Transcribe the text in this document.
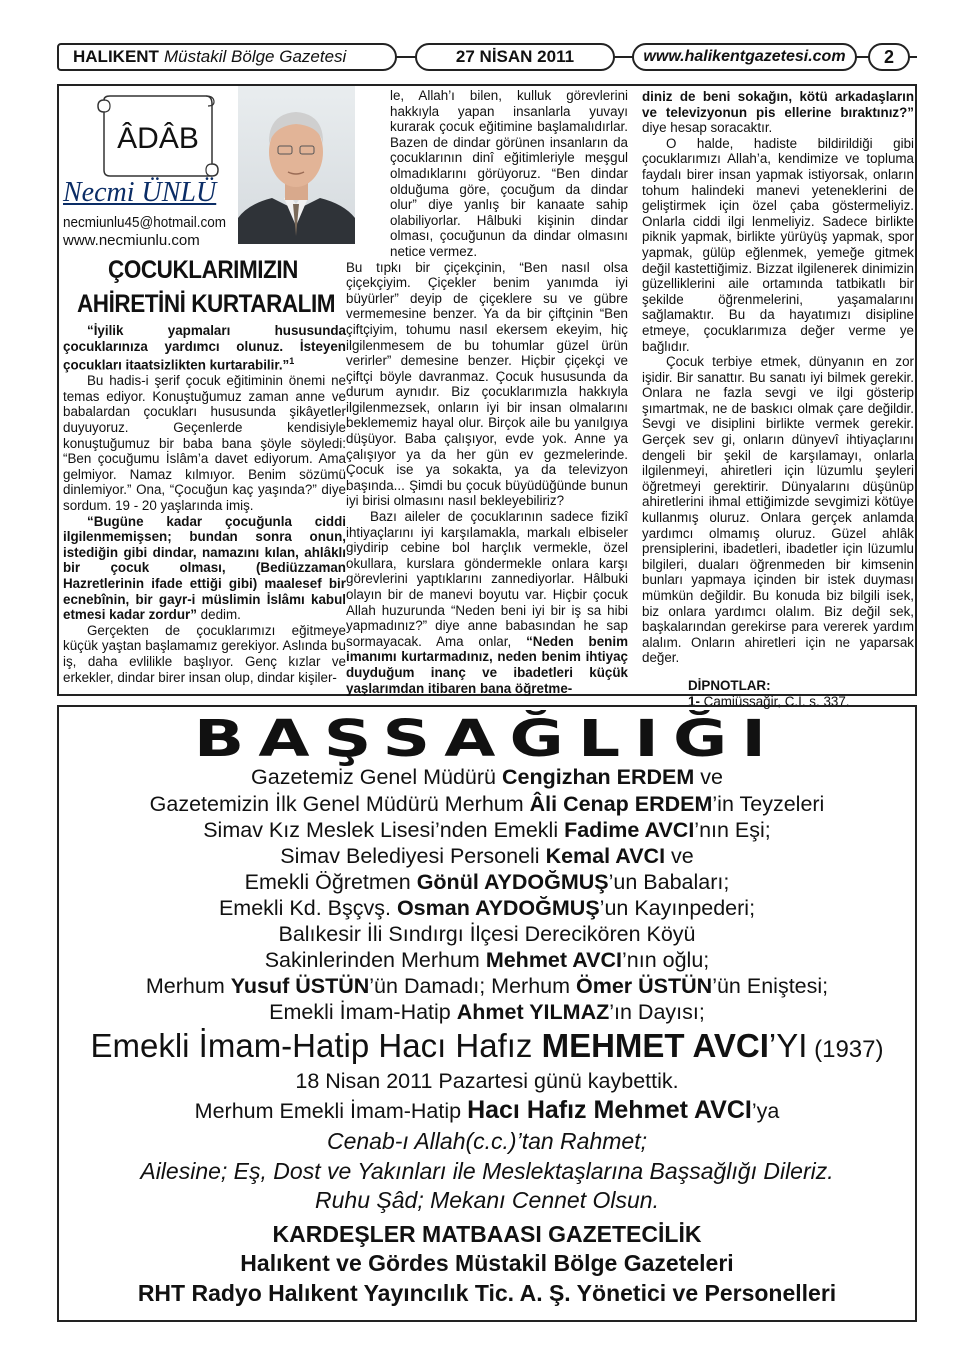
HALIKENT Müstakil Bölge Gazetesi	27 NİSAN 2011	www.halikentgazetesi.com	2
ÂDÂB
Necmi ÜNLÜ
necmiunlu45@hotmail.com
www.necmiunlu.com
ÇOCUKLARIMIZIN
AHİRETİNİ KURTARALIM

“İyilik yapmaları hususunda çocuklarınıza yardımcı olunuz. İsteyen çocukları itaatsizlikten kurtarabilir.”$^1$

Bu hadis-i şerif çocuk eğitiminin önemi ne temas ediyor. Konuştuğumuz zaman anne ve babalardan çocukları hususunda şikâyetler duyuyoruz. Geçenlerde kendisiyle konuştuğumuz bir baba bana şöyle söyledi: “Ben çocuğumu İslâm’a davet ediyorum. Ama gelmiyor. Namaz kılmıyor. Benim sözümü dinlemiyor.” Ona, “Çocuğun kaç yaşında?” diye sordum. 19 - 20 yaşlarında imiş.

“Bugüne kadar çocuğunla ciddi ilgilenmemişsen; bundan sonra onun, istediğin gibi dindar, namazını kılan, ahlâklı bir çocuk olması, (Bediüzzaman Hazretlerinin ifade ettiği gibi) maalesef bir ecnebînin, bir gayr-i müslimin İslâmı kabul etmesi kadar zordur” dedim.

Gerçekten de çocuklarımızı eğitmeye küçük yaştan başlamamız gerekiyor. Aslında bu iş, daha evlilikle başlıyor. Genç kızlar ve erkekler, dindar birer insan olup, dindar kişiler-

le, Allah’ı bilen, kulluk görevlerini hakkıyla yapan insanlarla yuvayı kurarak çocuk eğitimine başlamalıdırlar. Bazen de dindar görünen insanların da çocuklarının dinî eğitimleriyle meşgul olmadıklarını görüyoruz. “Ben dindar olduğuma göre, çocuğum da dindar olur” diye yanlış bir kanaate sahip olabiliyorlar. Hâlbuki kişinin dindar olması, çocuğunun da dindar olmasını netice vermez.

Bu tıpkı bir çiçekçinin, “Ben nasıl olsa çiçekçiyim. Çiçekler benim yanımda iyi büyürler” deyip de çiçeklere su ve gübre vermemesine benzer. Ya da bir çiftçinin “Ben çiftçiyim, tohumu nasıl ekersem ekeyim, hiç ilgilenmesem de bu tohumlar güzel ürün verirler” demesine benzer. Hiçbir çiçekçi ve çiftçi böyle davranmaz. Çocuk hususunda da durum aynıdır. Biz çocuklarımızla hakkıyla ilgilenmezsek, onların iyi bir insan olmalarını beklememiz hayal olur. Birçok aile bu yanılgıya düşüyor. Baba çalışıyor, evde yok. Anne ya çalışıyor ya da her gün ev gezmelerinde. Çocuk ise ya sokakta, ya da televizyon başında... Şimdi bu çocuk büyüdüğünde bunun iyi birisi olmasını nasıl bekleyebiliriz?

Bazı aileler de çocuklarının sadece fizikî ihtiyaçlarını iyi karşılamakla, markalı elbiseler giydirip cebine bol harçlık vermekle, özel okullara, kurslara göndermekle onlara karşı görevlerini yaptıklarını zannediyorlar. Hâlbuki olayın bir de manevi boyutu var. Hiçbir çocuk Allah huzurunda “Neden beni iyi bir iş sa hibi yapmadınız?” diye anne babasından he sap sormayacak. Ama onlar, “Neden benim imanımı kurtarmadınız, neden benim ihtiyaç duyduğum inanç ve ibadetleri küçük yaşlarımdan itibaren bana öğretme-

diniz de beni sokağın, kötü arkadaşların ve televizyonun pis ellerine bıraktınız?” diye hesap soracaktır.

O halde, hadiste bildirildiği gibi çocuklarımızı Allah’a, kendimize ve topluma faydalı birer insan yapmak istiyorsak, onların tohum halindeki manevi yeteneklerini de geliştirmek için özel çaba göstermeliyiz. Onlarla ciddi ilgi lenmeliyiz. Sadece birlikte piknik yapmak, birlikte yürüyüş yapmak, spor yapmak, gülüp eğlenmek, yemeğe gitmek değil kastettiğimiz. Bizzat ilgilenerek dinimizin güzelliklerini aile ortamında tatbikatlı bir şekilde öğrenmelerini, yaşamalarını sağlamaktır. Bu da hayatımızı disipline etmeye, çocuklarımıza değer verme ye bağlıdır.

Çocuk terbiye etmek, dünyanın en zor işidir. Bir sanattır. Bu sanatı iyi bilmek gerekir. Onlara ne fazla sevgi ve ilgi gösterip şımartmak, ne de baskıcı olmak çare değildir. Sevgi ve disiplini birlikte vermek gerekir. Gerçek sev gi, onların dünyevî ihtiyaçlarını dengeli bir şekil de karşılamayı, onlarla ilgilenmeyi, ahiretleri için lüzumlu şeyleri öğretmeyi gerektirir. Dünyalarını düşünüp ahiretlerini ihmal ettiğimizde sevgimizi kötüye kullanmış oluruz. Onlara gerçek anlamda yardımcı olmamış oluruz. Güzel ahlâk prensiplerini, ibadetleri, ibadetler için lüzumlu bilgileri, duaları öğrenmeden bir kimsenin bunları yapmaya içinden bir istek duyması mümkün değildir. Bu konuda biz bilgili isek, biz onlara yardımcı olalım. Biz değil sek, başkalarından gerekirse para vererek yardım alalım. Onların ahiretleri için ne yaparsak değer.

DİPNOTLAR:

1- Camiüssağir, C.I. s. 337.

BAŞSAĞLIĞI
Gazetemiz Genel Müdürü Cengizhan ERDEM ve
Gazetemizin İlk Genel Müdürü Merhum Âli Cenap ERDEM’in Teyzeleri
Simav Kız Meslek Lisesi’nden Emekli Fadime AVCI’nın Eşi;
Simav Belediyesi Personeli Kemal AVCI ve
Emekli Öğretmen Gönül AYDOĞMUŞ’un Babaları;
Emekli Kd. Bşçvş. Osman AYDOĞMUŞ’un Kayınpederi;
Balıkesir İli Sındırgı İlçesi Derecikören Köyü
Sakinlerinden Merhum Mehmet AVCI’nın oğlu;
Merhum Yusuf ÜSTÜN’ün Damadı; Merhum Ömer ÜSTÜN’ün Eniştesi;
Emekli İmam-Hatip Ahmet YILMAZ’ın Dayısı;
Emekli İmam-Hatip Hacı Hafız MEHMET AVCI’YI (1937)
18 Nisan 2011 Pazartesi günü kaybettik.
Merhum Emekli İmam-Hatip Hacı Hafız Mehmet AVCI’ya
Cenab-ı Allah(c.c.)’tan Rahmet;
Ailesine; Eş, Dost ve Yakınları ile Meslektaşlarına Başsağlığı Dileriz.
Ruhu Şâd; Mekanı Cennet Olsun.
KARDEŞLER MATBAASI GAZETECİLİK
Halıkent ve Gördes Müstakil Bölge Gazeteleri
RHT Radyo Halıkent Yayıncılık Tic. A. Ş. Yönetici ve Personelleri
